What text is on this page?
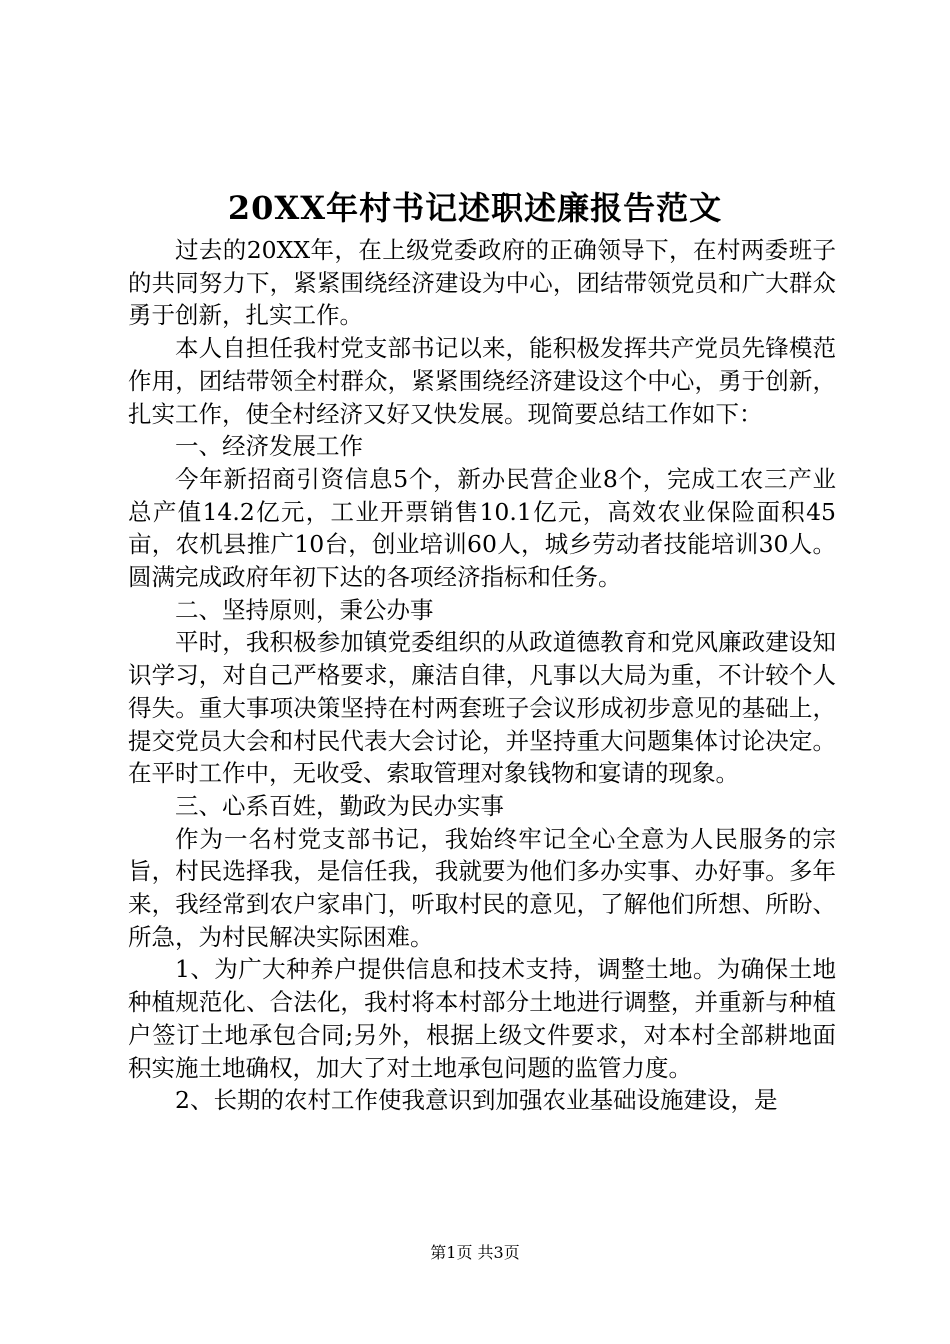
20XX年村书记述职述廉报告范文

过去的20XX年，在上级党委政府的正确领导下，在村两委班子的共同努力下，紧紧围绕经济建设为中心，团结带领党员和广大群众勇于创新，扎实工作。

本人自担任我村党支部书记以来，能积极发挥共产党员先锋模范作用，团结带领全村群众，紧紧围绕经济建设这个中心，勇于创新，扎实工作，使全村经济又好又快发展。现简要总结工作如下：

一、经济发展工作

今年新招商引资信息5个，新办民营企业8个，完成工农三产业总产值14.2亿元，工业开票销售10.1亿元，高效农业保险面积45亩，农机县推广10台，创业培训60人，城乡劳动者技能培训30人。圆满完成政府年初下达的各项经济指标和任务。

二、坚持原则，秉公办事

平时，我积极参加镇党委组织的从政道德教育和党风廉政建设知识学习，对自己严格要求，廉洁自律，凡事以大局为重，不计较个人得失。重大事项决策坚持在村两套班子会议形成初步意见的基础上，提交党员大会和村民代表大会讨论，并坚持重大问题集体讨论决定。在平时工作中，无收受、索取管理对象钱物和宴请的现象。

三、心系百姓，勤政为民办实事

作为一名村党支部书记，我始终牢记全心全意为人民服务的宗旨，村民选择我，是信任我，我就要为他们多办实事、办好事。多年来，我经常到农户家串门，听取村民的意见，了解他们所想、所盼、所急，为村民解决实际困难。

1、为广大种养户提供信息和技术支持，调整土地。为确保土地种植规范化、合法化，我村将本村部分土地进行调整，并重新与种植户签订土地承包合同;另外，根据上级文件要求，对本村全部耕地面积实施土地确权，加大了对土地承包问题的监管力度。

2、长期的农村工作使我意识到加强农业基础设施建设，是

第1页 共3页
